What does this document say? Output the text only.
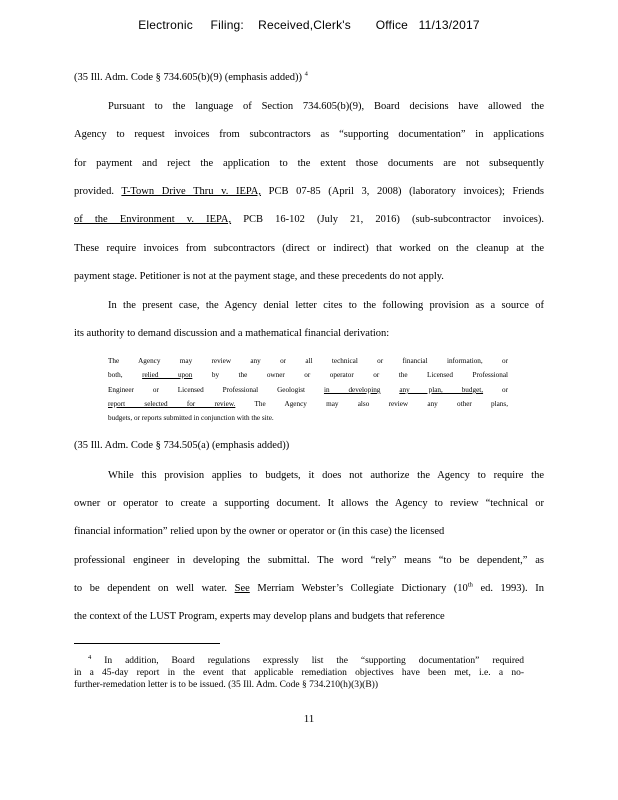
Electronic     Filing:    Received,Clerk's       Office   11/13/2017
(35 Ill. Adm. Code § 734.605(b)(9) (emphasis added)) $^4$
Pursuant to the language of Section 734.605(b)(9), Board decisions have allowed the
Agency to request invoices from subcontractors as “supporting documentation” in applications
for payment and reject the application to the extent those documents are not subsequently
provided. T-Town Drive Thru v. IEPA, PCB 07-85 (April 3, 2008) (laboratory invoices); Friends
of the Environment v. IEPA, PCB 16-102 (July 21, 2016) (sub-subcontractor invoices).
These require invoices from subcontractors (direct or indirect) that worked on the cleanup at the
payment stage. Petitioner is not at the payment stage, and these precedents do not apply.
In the present case, the Agency denial letter cites to the following provision as a source of
its authority to demand discussion and a mathematical financial derivation:
The Agency may review any or all technical or financial information, or
both, relied upon by the owner or operator or the Licensed Professional
Engineer or Licensed Professional Geologist in developing	any plan, budget, or
report selected for review. The Agency may also review any other plans,
budgets, or reports submitted in conjunction with the site.
(35 Ill. Adm. Code § 734.505(a) (emphasis added))
While this provision applies to budgets, it does not authorize the Agency to require the
owner or operator to create a supporting document. It allows the Agency to review “technical or
financial information” relied upon by the owner or operator or (in this case) the licensed
professional engineer in developing the submittal. The word “rely” means “to be dependent,” as
to be dependent on well water. See Merriam Webster’s Collegiate Dictionary (10th ed. 1993). In
the context of the LUST Program, experts may develop plans and budgets that reference
$^4$ In addition, Board regulations expressly list the “supporting documentation” required
in a 45-day report in the event that applicable remediation objectives have been met, i.e. a no-
further-remedation letter is to be issued. (35 Ill. Adm. Code § 734.210(h)(3)(B))
11
